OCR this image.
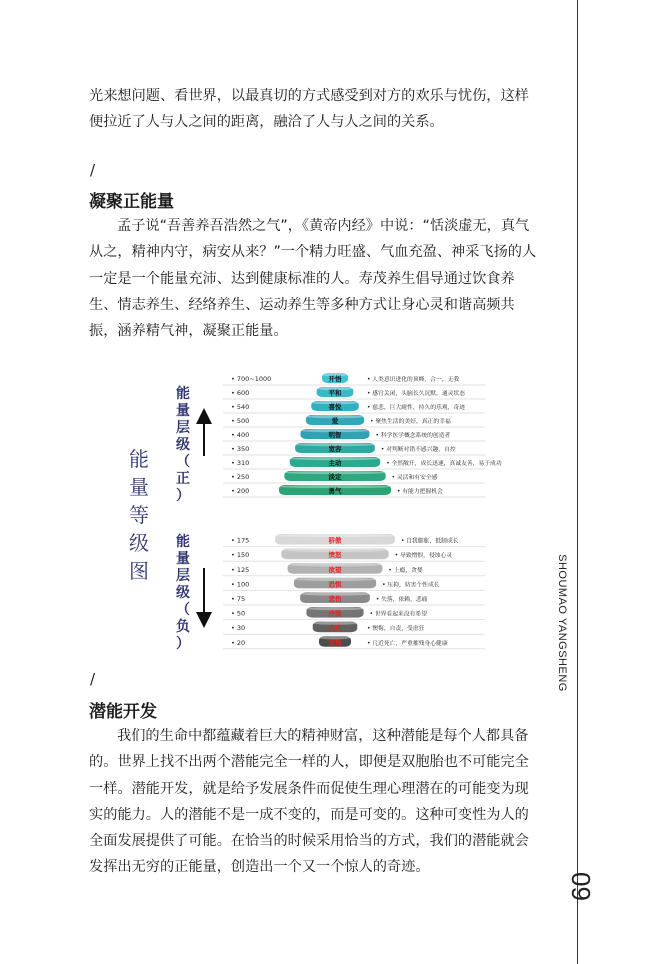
SHOUMAO YANGSHENG
09

光来想问题、看世界，以最真切的方式感受到对方的欢乐与忧伤，这样便拉近了人与人之间的距离，融洽了人与人之间的关系。

/
凝聚正能量

孟子说“吾善养吾浩然之气”，《黄帝内经》中说：“恬淡虚无，真气从之，精神内守，病安从来？”一个精力旺盛、气血充盈、神采飞扬的人一定是一个能量充沛、达到健康标准的人。寿茂养生倡导通过饮食养生、情志养生、经络养生、运动养生等多种方式让身心灵和谐高频共振，涵养精气神，凝聚正能量。

能量等级图
能量层级（正）
能量层级（负）
• 700~1000	开悟	• 人类意识进化的顶峰，合一，无我
• 600	平和	• 感官关闭，头脑长久沉默，通灵状态
• 540	喜悦	• 慈悲，巨大耐性，持久的乐观，奇迹
• 500	爱	• 聚焦生活的美好，真正的幸福
• 400	明智	• 科学医学概念系统的创造者
• 350	宽容	• 对判断对错不感兴趣，自控
• 310	主动	• 全然敞开，成长迅速，真诚友善，易于成功
• 250	淡定	• 灵活和有安全感
• 200	勇气	• 有能力把握机会
• 175	骄傲	• 自我膨胀，抵制成长
• 150	愤怒	• 导致憎恨，侵蚀心灵
• 125	欲望	• 上瘾，贪婪
• 100	恐惧	• 压抑，妨害个性成长
• 75	悲伤	• 失落，依赖，悲痛
• 50	冷淡	• 世界看起来没有希望
• 30	内疚	• 懊悔，自责，受虐狂
• 20	羞愧	• 几近死亡，严重摧残身心健康
/
潜能开发

我们的生命中都蕴藏着巨大的精神财富，这种潜能是每个人都具备的。世界上找不出两个潜能完全一样的人，即便是双胞胎也不可能完全一样。潜能开发，就是给予发展条件而促使生理心理潜在的可能变为现实的能力。人的潜能不是一成不变的，而是可变的。这种可变性为人的全面发展提供了可能。在恰当的时候采用恰当的方式，我们的潜能就会发挥出无穷的正能量，创造出一个又一个惊人的奇迹。
